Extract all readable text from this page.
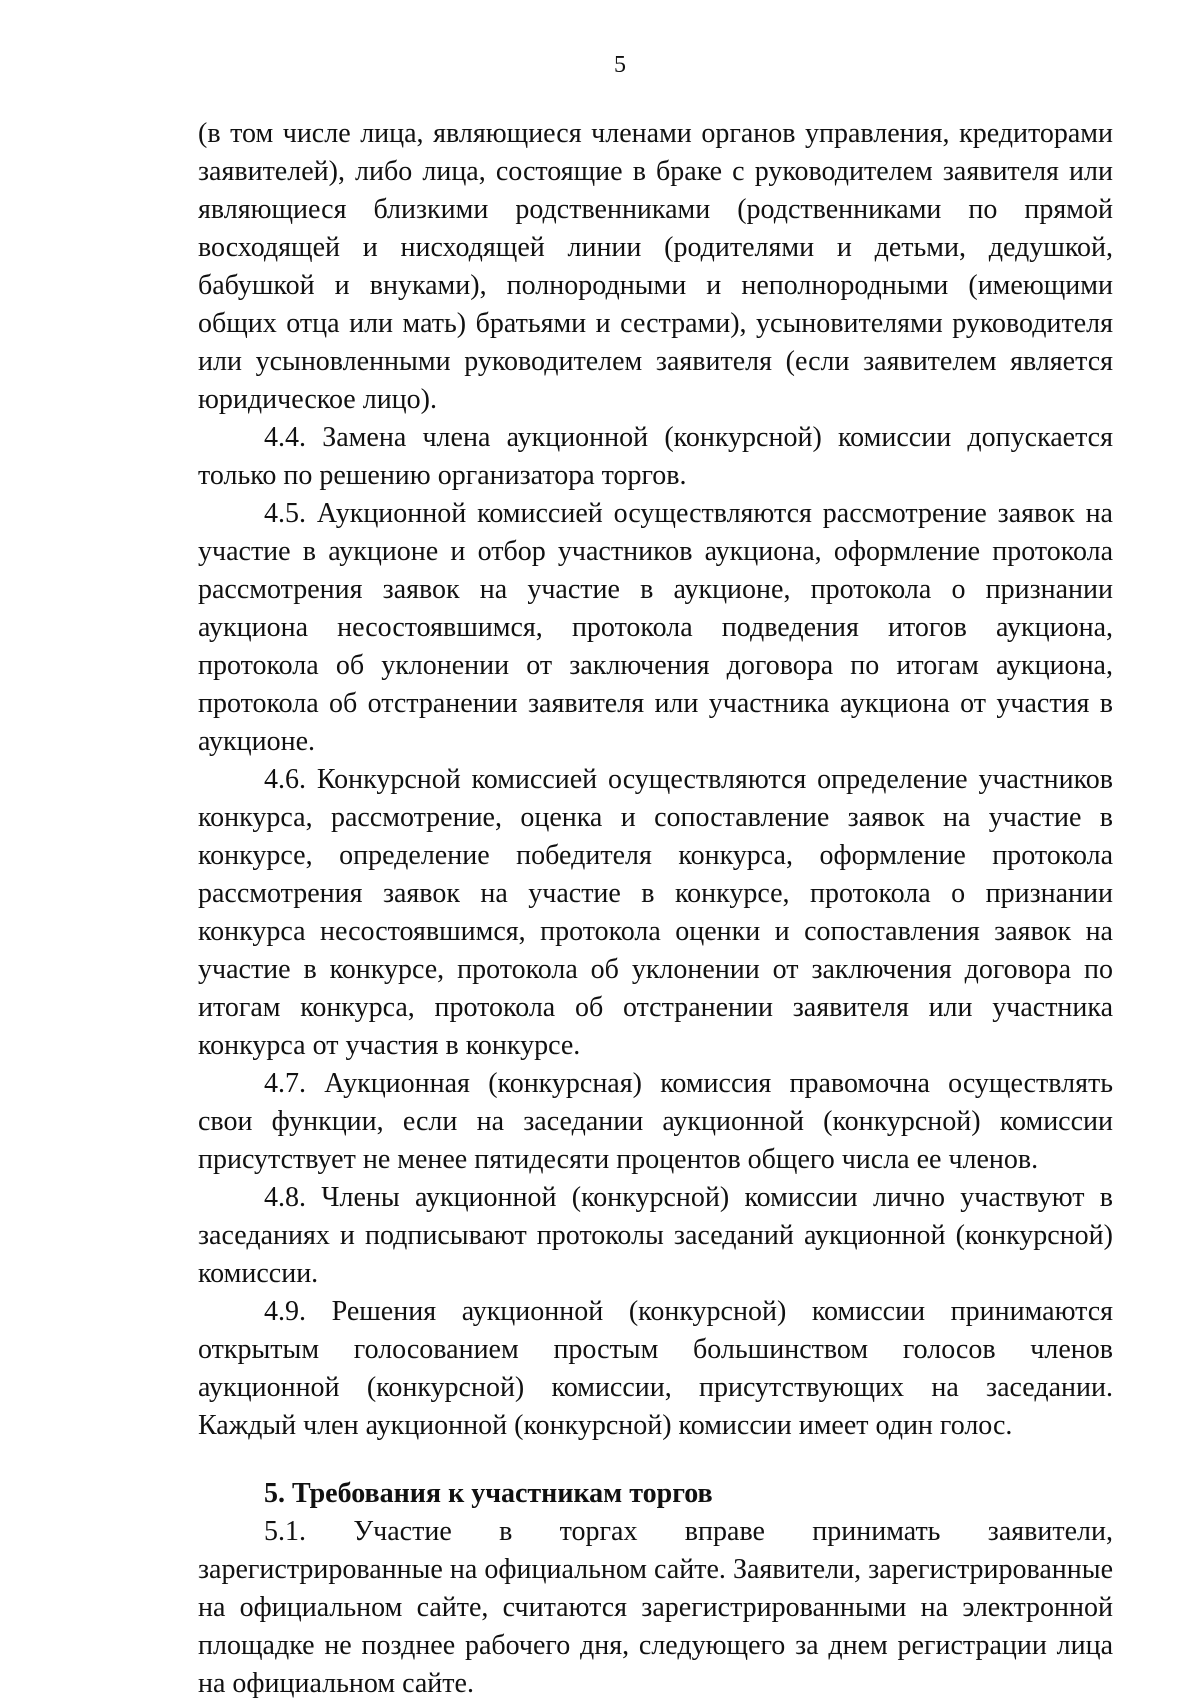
5

(в том числе лица, являющиеся членами органов управления, кредиторами заявителей), либо лица, состоящие в браке с руководителем заявителя или являющиеся близкими родственниками (родственниками по прямой восходящей и нисходящей линии (родителями и детьми, дедушкой, бабушкой и внуками), полнородными и неполнородными (имеющими общих отца или мать) братьями и сестрами), усыновителями руководителя или усыновленными руководителем заявителя (если заявителем является юридическое лицо).

4.4. Замена члена аукционной (конкурсной) комиссии допускается только по решению организатора торгов.

4.5. Аукционной комиссией осуществляются рассмотрение заявок на участие в аукционе и отбор участников аукциона, оформление протокола рассмотрения заявок на участие в аукционе, протокола о признании аукциона несостоявшимся, протокола подведения итогов аукциона, протокола об уклонении от заключения договора по итогам аукциона, протокола об отстранении заявителя или участника аукциона от участия в аукционе.

4.6. Конкурсной комиссией осуществляются определение участников конкурса, рассмотрение, оценка и сопоставление заявок на участие в конкурсе, определение победителя конкурса, оформление протокола рассмотрения заявок на участие в конкурсе, протокола о признании конкурса несостоявшимся, протокола оценки и сопоставления заявок на участие в конкурсе, протокола об уклонении от заключения договора по итогам конкурса, протокола об отстранении заявителя или участника конкурса от участия в конкурсе.

4.7. Аукционная (конкурсная) комиссия правомочна осуществлять свои функции, если на заседании аукционной (конкурсной) комиссии присутствует не менее пятидесяти процентов общего числа ее членов.

4.8. Члены аукционной (конкурсной) комиссии лично участвуют в заседаниях и подписывают протоколы заседаний аукционной (конкурсной) комиссии.

4.9. Решения аукционной (конкурсной) комиссии принимаются открытым голосованием простым большинством голосов членов аукционной (конкурсной) комиссии, присутствующих на заседании. Каждый член аукционной (конкурсной) комиссии имеет один голос.

5. Требования к участникам торгов

5.1. Участие в торгах вправе принимать заявители, зарегистрированные на официальном сайте. Заявители, зарегистрированные на официальном сайте, считаются зарегистрированными на электронной площадке не позднее рабочего дня, следующего за днем регистрации лица на официальном сайте.
